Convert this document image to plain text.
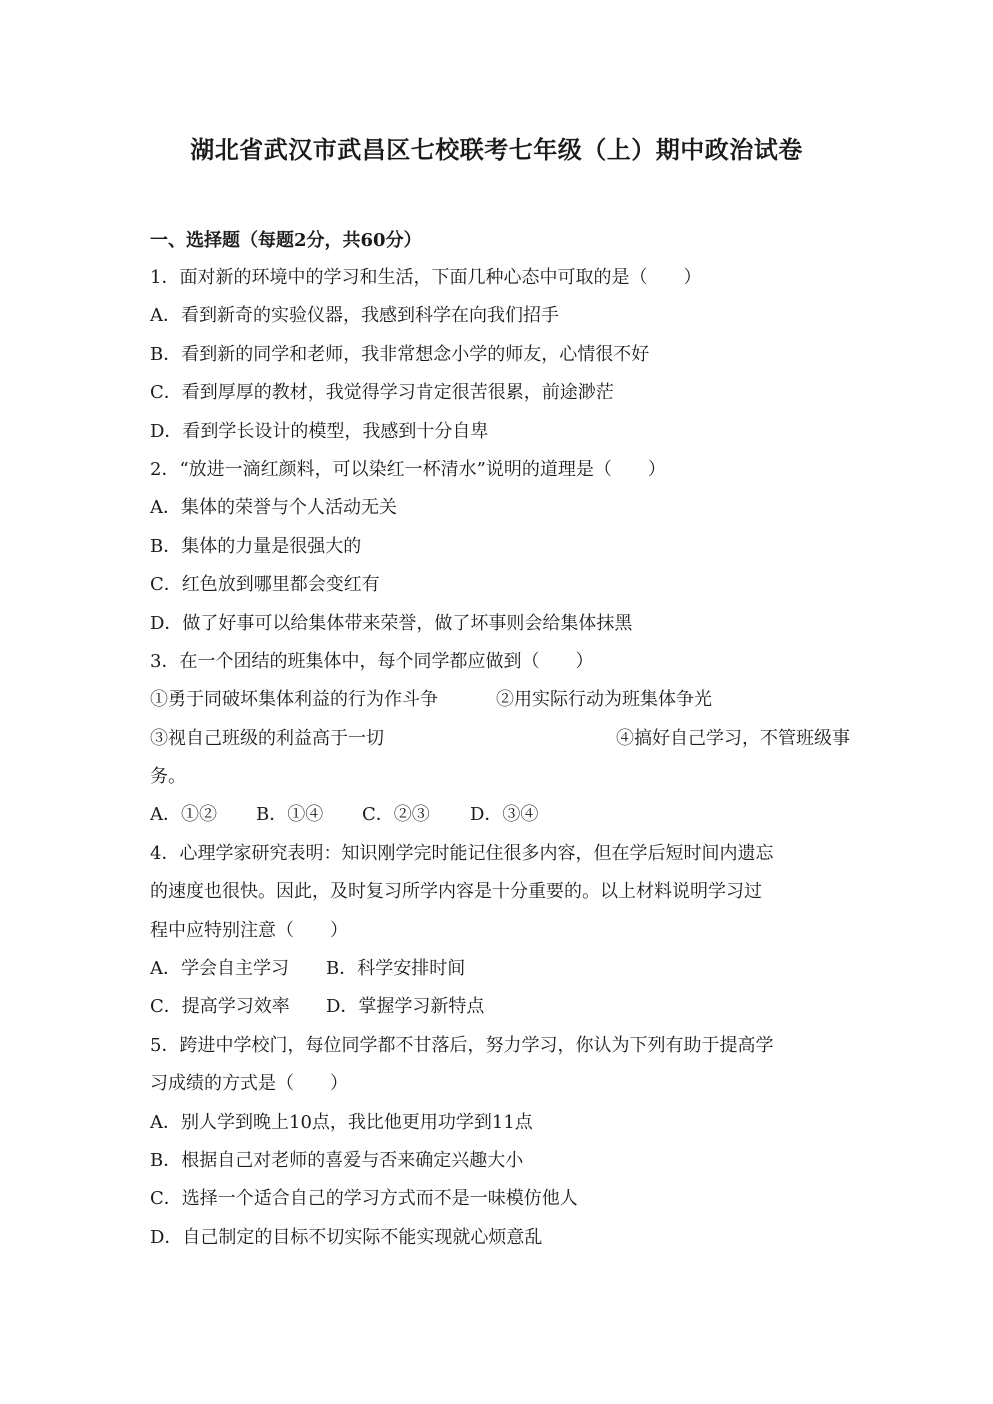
湖北省武汉市武昌区七校联考七年级（上）期中政治试卷
一、选择题（每题2分，共60分）
1．面对新的环境中的学习和生活，下面几种心态中可取的是（　　）
A．看到新奇的实验仪器，我感到科学在向我们招手
B．看到新的同学和老师，我非常想念小学的师友，心情很不好
C．看到厚厚的教材，我觉得学习肯定很苦很累，前途渺茫
D．看到学长设计的模型，我感到十分自卑
2．“放进一滴红颜料，可以染红一杯清水”说明的道理是（　　）
A．集体的荣誉与个人活动无关
B．集体的力量是很强大的
C．红色放到哪里都会变红有
D．做了好事可以给集体带来荣誉，做了坏事则会给集体抹黑
3．在一个团结的班集体中，每个同学都应做到（　　）
①勇于同破坏集体利益的行为作斗争	②用实际行动为班集体争光
③视自己班级的利益高于一切	④搞好自己学习，不管班级事
务。
A．①② B．①④ C．②③ D．③④
4．心理学家研究表明：知识刚学完时能记住很多内容，但在学后短时间内遗忘
的速度也很快。因此，及时复习所学内容是十分重要的。以上材料说明学习过
程中应特别注意（　　）
A．学会自主学习 B．科学安排时间
C．提高学习效率 D．掌握学习新特点
5．跨进中学校门，每位同学都不甘落后，努力学习，你认为下列有助于提高学
习成绩的方式是（　　）
A．别人学到晚上10点，我比他更用功学到11点
B．根据自己对老师的喜爱与否来确定兴趣大小
C．选择一个适合自己的学习方式而不是一味模仿他人
D．自己制定的目标不切实际不能实现就心烦意乱
